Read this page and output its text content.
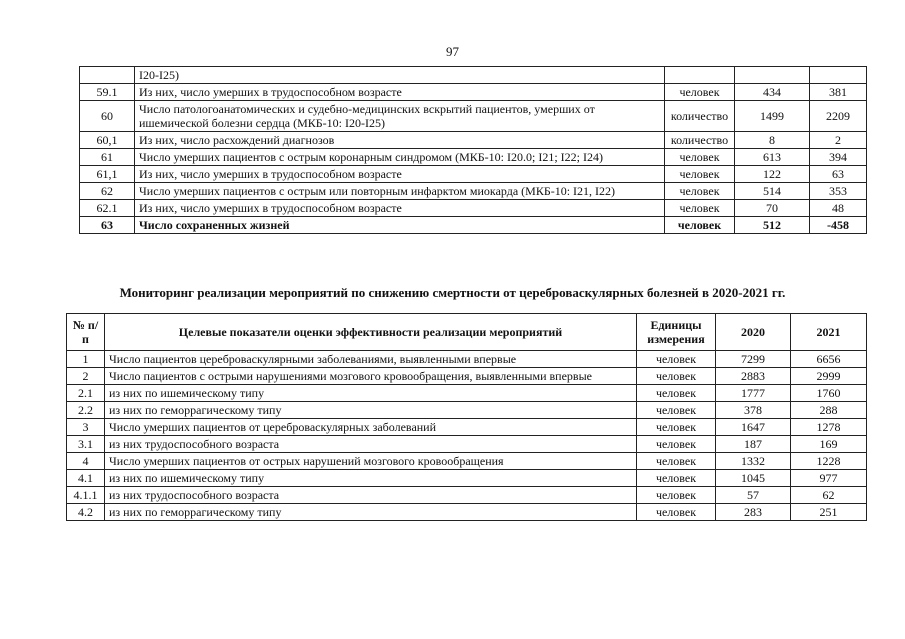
97
	I20-I25)			
59.1	Из них, число умерших в трудоспособном возрасте	человек	434	381
60	Число патологоанатомических и судебно-медицинских вскрытий пациентов, умерших от ишемической болезни сердца (МКБ-10: I20-I25)	количество	1499	2209
60,1	Из них, число расхождений диагнозов	количество	8	2
61	Число умерших пациентов с острым коронарным синдромом (МКБ-10: I20.0; I21; I22; I24)	человек	613	394
61,1	Из них, число умерших в трудоспособном возрасте	человек	122	63
62	Число умерших пациентов с острым или повторным инфарктом миокарда (МКБ-10: I21, I22)	человек	514	353
62.1	Из них, число умерших в трудоспособном возрасте	человек	70	48
63	Число сохраненных жизней	человек	512	-458
Мониторинг реализации мероприятий по снижению смертности от цереброваскулярных болезней в 2020-2021 гг.
№ п/п	Целевые показатели оценки эффективности реализации мероприятий	Единицы измерения	2020	2021
1	Число пациентов цереброваскулярными заболеваниями, выявленными впервые	человек	7299	6656
2	Число пациентов с острыми нарушениями мозгового кровообращения, выявленными впервые	человек	2883	2999
2.1	из них по ишемическому типу	человек	1777	1760
2.2	из них по геморрагическому типу	человек	378	288
3	Число умерших пациентов от цереброваскулярных заболеваний	человек	1647	1278
3.1	из них трудоспособного возраста	человек	187	169
4	Число умерших пациентов от острых нарушений мозгового кровообращения	человек	1332	1228
4.1	из них по ишемическому типу	человек	1045	977
4.1.1	из них трудоспособного возраста	человек	57	62
4.2	из них по геморрагическому типу	человек	283	251
